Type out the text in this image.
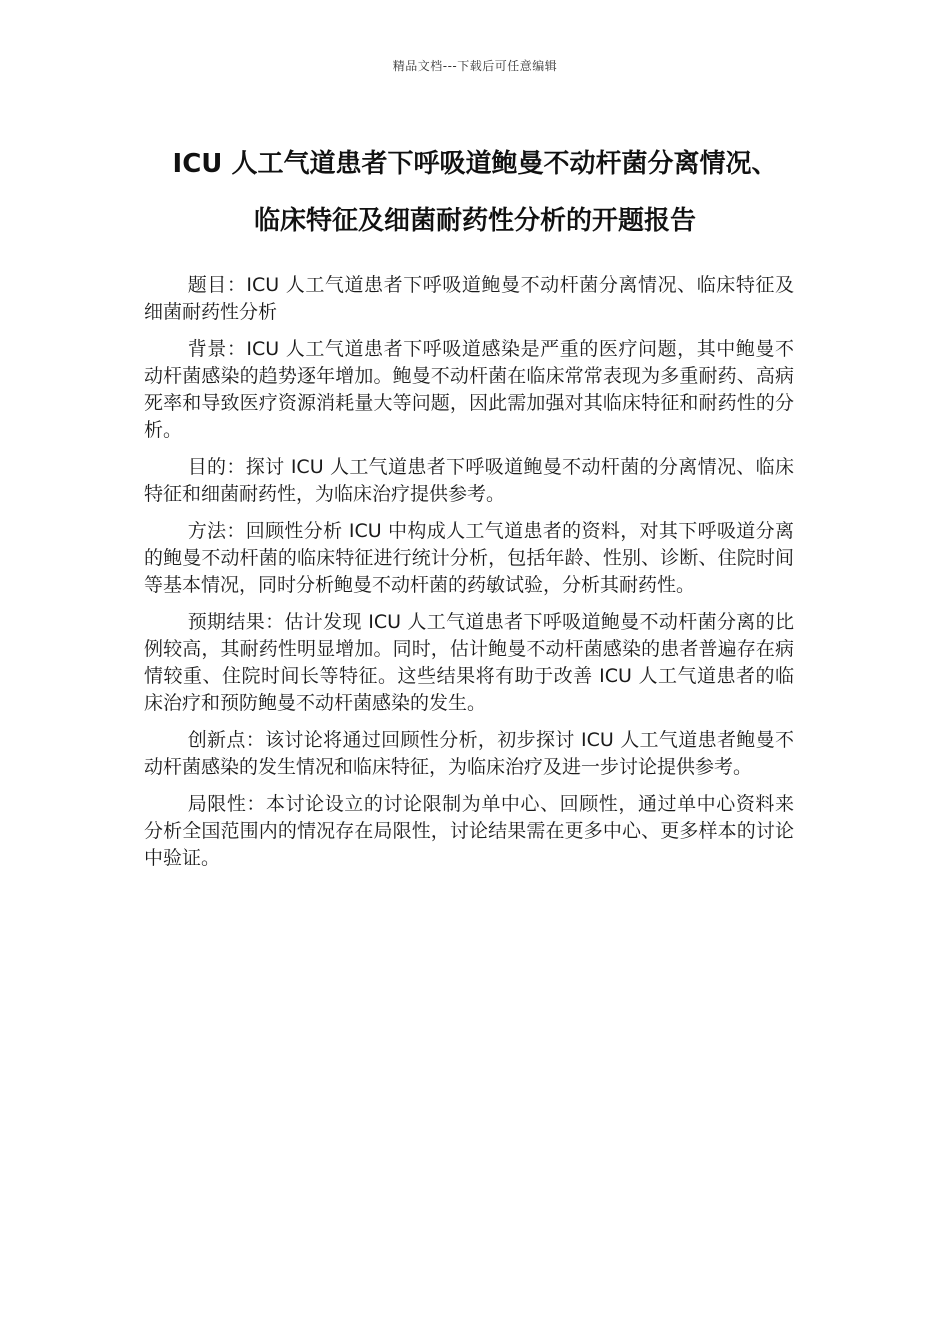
精品文档---下载后可任意编辑
ICU 人工气道患者下呼吸道鲍曼不动杆菌分离情况、
临床特征及细菌耐药性分析的开题报告

题目：ICU 人工气道患者下呼吸道鲍曼不动杆菌分离情况、临床特征及细菌耐药性分析

背景：ICU 人工气道患者下呼吸道感染是严重的医疗问题，其中鲍曼不动杆菌感染的趋势逐年增加。鲍曼不动杆菌在临床常常表现为多重耐药、高病死率和导致医疗资源消耗量大等问题，因此需加强对其临床特征和耐药性的分析。

目的：探讨 ICU 人工气道患者下呼吸道鲍曼不动杆菌的分离情况、临床特征和细菌耐药性，为临床治疗提供参考。

方法：回顾性分析 ICU 中构成人工气道患者的资料，对其下呼吸道分离的鲍曼不动杆菌的临床特征进行统计分析，包括年龄、性别、诊断、住院时间等基本情况，同时分析鲍曼不动杆菌的药敏试验，分析其耐药性。

预期结果：估计发现 ICU 人工气道患者下呼吸道鲍曼不动杆菌分离的比例较高，其耐药性明显增加。同时，估计鲍曼不动杆菌感染的患者普遍存在病情较重、住院时间长等特征。这些结果将有助于改善 ICU 人工气道患者的临床治疗和预防鲍曼不动杆菌感染的发生。

创新点：该讨论将通过回顾性分析，初步探讨 ICU 人工气道患者鲍曼不动杆菌感染的发生情况和临床特征，为临床治疗及进一步讨论提供参考。

局限性：本讨论设立的讨论限制为单中心、回顾性，通过单中心资料来分析全国范围内的情况存在局限性，讨论结果需在更多中心、更多样本的讨论中验证。
